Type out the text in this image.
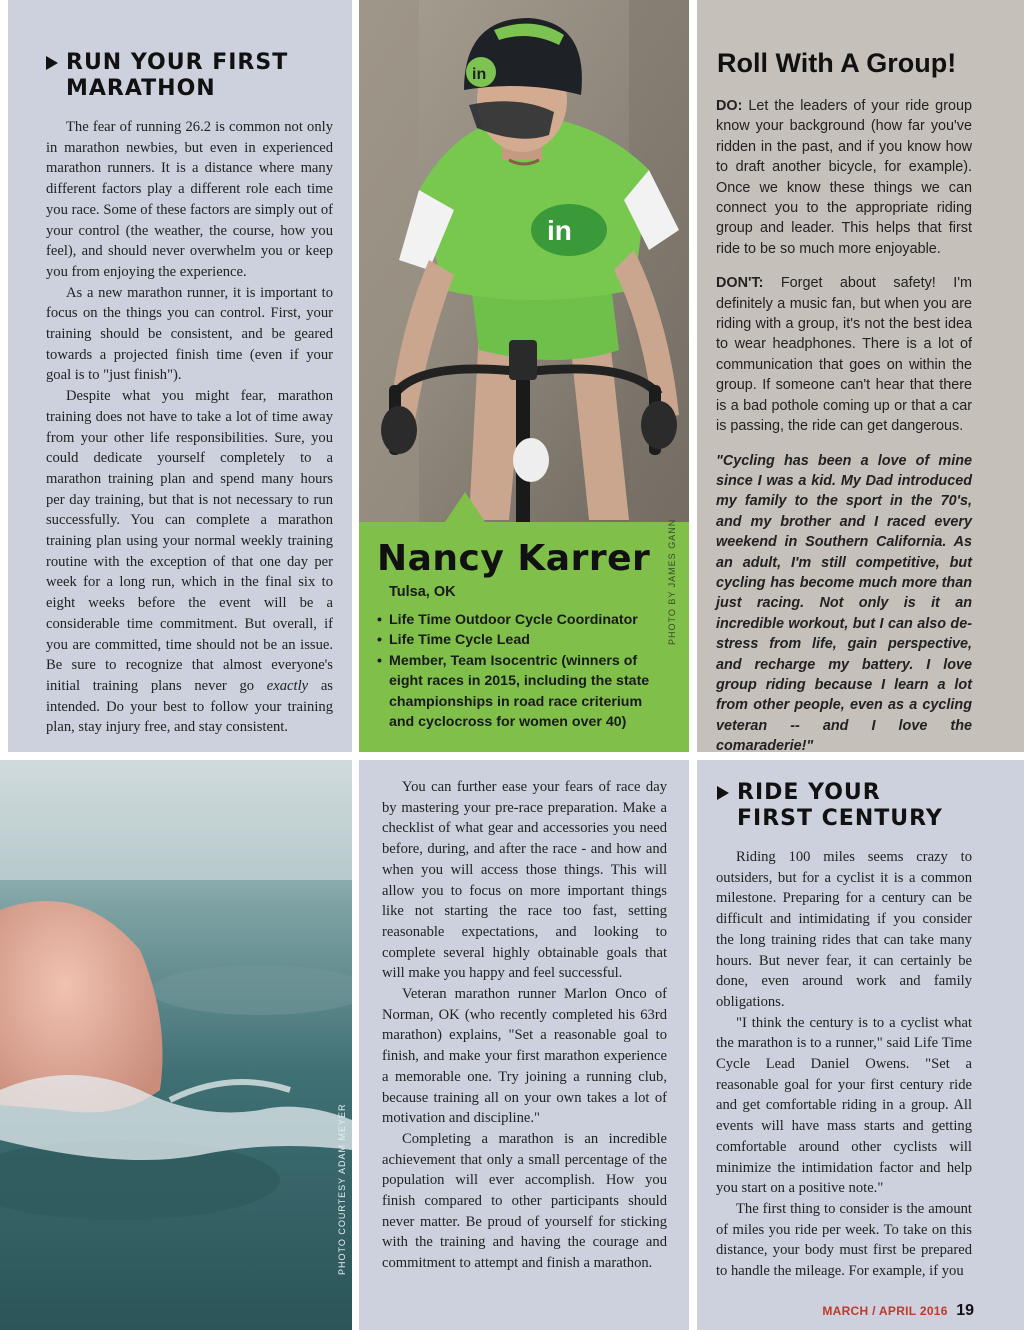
RUN YOUR FIRST
MARATHON

The fear of running 26.2 is common not only in marathon newbies, but even in experienced marathon runners. It is a distance where many different factors play a different role each time you race. Some of these factors are simply out of your control (the weather, the course, how you feel), and should never overwhelm you or keep you from enjoying the experience.

As a new marathon runner, it is important to focus on the things you can control. First, your training should be consistent, and be geared towards a projected finish time (even if your goal is to "just finish").

Despite what you might fear, marathon training does not have to take a lot of time away from your other life responsibilities. Sure, you could dedicate yourself completely to a marathon training plan and spend many hours per day training, but that is not necessary to run successfully. You can complete a marathon training plan using your normal weekly training routine with the exception of that one day per week for a long run, which in the final six to eight weeks before the event will be a considerable time commitment. But overall, if you are committed, time should not be an issue. Be sure to recognize that almost everyone's initial training plans never go exactly as intended. Do your best to follow your training plan, stay injury free, and stay consistent.

in
in
Nancy Karrer
Tulsa, OK
• Life Time Outdoor Cycle Coordinator
• Life Time Cycle Lead
• Member, Team Isocentric (winners of eight races in 2015, including the state championships in road race criterium and cyclocross for women over 40)
PHOTO BY JAMES GANN
Roll With A Group!

DO: Let the leaders of your ride group know your background (how far you've ridden in the past, and if you know how to draft another bicycle, for example). Once we know these things we can connect you to the appropriate riding group and leader. This helps that first ride to be so much more enjoyable.

DON'T: Forget about safety! I'm definitely a music fan, but when you are riding with a group, it's not the best idea to wear headphones. There is a lot of communication that goes on within the group. If someone can't hear that there is a bad pothole coming up or that a car is passing, the ride can get dangerous.

"Cycling has been a love of mine since I was a kid. My Dad introduced my family to the sport in the 70's, and my brother and I raced every weekend in Southern California. As an adult, I'm still competitive, but cycling has become much more than just racing. Not only is it an incredible workout, but I can also de-stress from life, gain perspective, and recharge my battery. I love group riding because I learn a lot from other people, even as a cycling veteran -- and I love the comaraderie!"

PHOTO COURTESY ADAM MEYER

You can further ease your fears of race day by mastering your pre-race preparation. Make a checklist of what gear and accessories you need before, during, and after the race - and how and when you will access those things. This will allow you to focus on more important things like not starting the race too fast, setting reasonable expectations, and looking to complete several highly obtainable goals that will make you happy and feel successful.

Veteran marathon runner Marlon Onco of Norman, OK (who recently completed his 63rd marathon) explains, "Set a reasonable goal to finish, and make your first marathon experience a memorable one. Try joining a running club, because training all on your own takes a lot of motivation and discipline."

Completing a marathon is an incredible achievement that only a small percentage of the population will ever accomplish. How you finish compared to other participants should never matter. Be proud of yourself for sticking with the training and having the courage and commitment to attempt and finish a marathon.

RIDE YOUR
FIRST CENTURY

Riding 100 miles seems crazy to outsiders, but for a cyclist it is a common milestone. Preparing for a century can be difficult and intimidating if you consider the long training rides that can take many hours. But never fear, it can certainly be done, even around work and family obligations.

"I think the century is to a cyclist what the marathon is to a runner," said Life Time Cycle Lead Daniel Owens. "Set a reasonable goal for your first century ride and get comfortable riding in a group. All events will have mass starts and getting comfortable around other cyclists will minimize the intimidation factor and help you start on a positive note."

The first thing to consider is the amount of miles you ride per week. To take on this distance, your body must first be prepared to handle the mileage. For example, if you

MARCH / APRIL 2016 19
